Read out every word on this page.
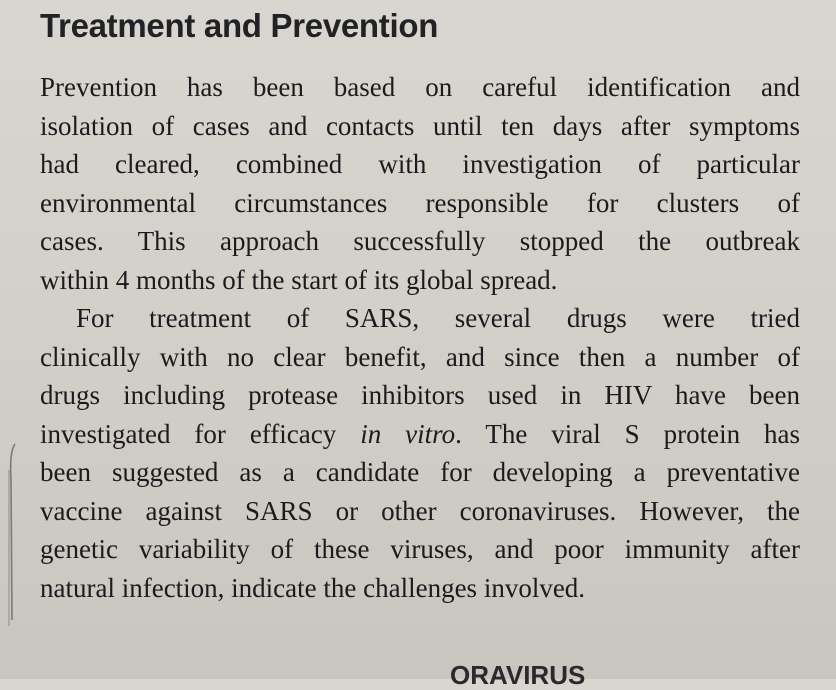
Treatment and Prevention
Prevention has been based on careful identification and
isolation of cases and contacts until ten days after symptoms
had cleared, combined with investigation of particular
environmental circumstances responsible for clusters of
cases. This approach successfully stopped the outbreak
within 4 months of the start of its global spread.
For treatment of SARS, several drugs were tried
clinically with no clear benefit, and since then a number of
drugs including protease inhibitors used in HIV have been
investigated for efficacy in vitro. The viral S protein has
been suggested as a candidate for developing a preventative
vaccine against SARS or other coronaviruses. However, the
genetic variability of these viruses, and poor immunity after
natural infection, indicate the challenges involved.
ORAVIRUS
